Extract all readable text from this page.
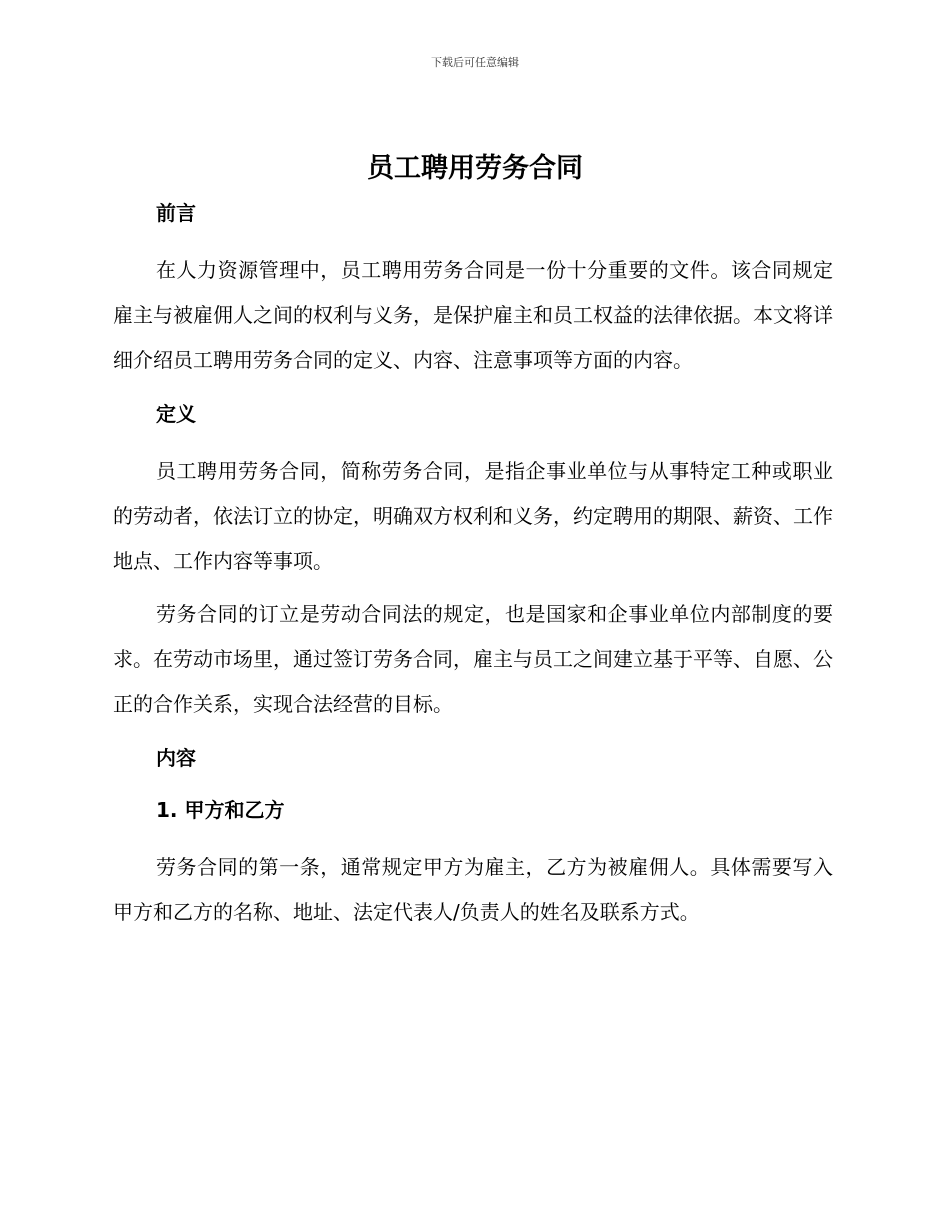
下载后可任意编辑
员工聘用劳务合同

前言

在人力资源管理中，员工聘用劳务合同是一份十分重要的文件。该合同规定雇主与被雇佣人之间的权利与义务，是保护雇主和员工权益的法律依据。本文将详细介绍员工聘用劳务合同的定义、内容、注意事项等方面的内容。

定义

员工聘用劳务合同，简称劳务合同，是指企事业单位与从事特定工种或职业的劳动者，依法订立的协定，明确双方权利和义务，约定聘用的期限、薪资、工作地点、工作内容等事项。

劳务合同的订立是劳动合同法的规定，也是国家和企事业单位内部制度的要求。在劳动市场里，通过签订劳务合同，雇主与员工之间建立基于平等、自愿、公正的合作关系，实现合法经营的目标。

内容

1. 甲方和乙方

劳务合同的第一条，通常规定甲方为雇主，乙方为被雇佣人。具体需要写入甲方和乙方的名称、地址、法定代表人/负责人的姓名及联系方式。
